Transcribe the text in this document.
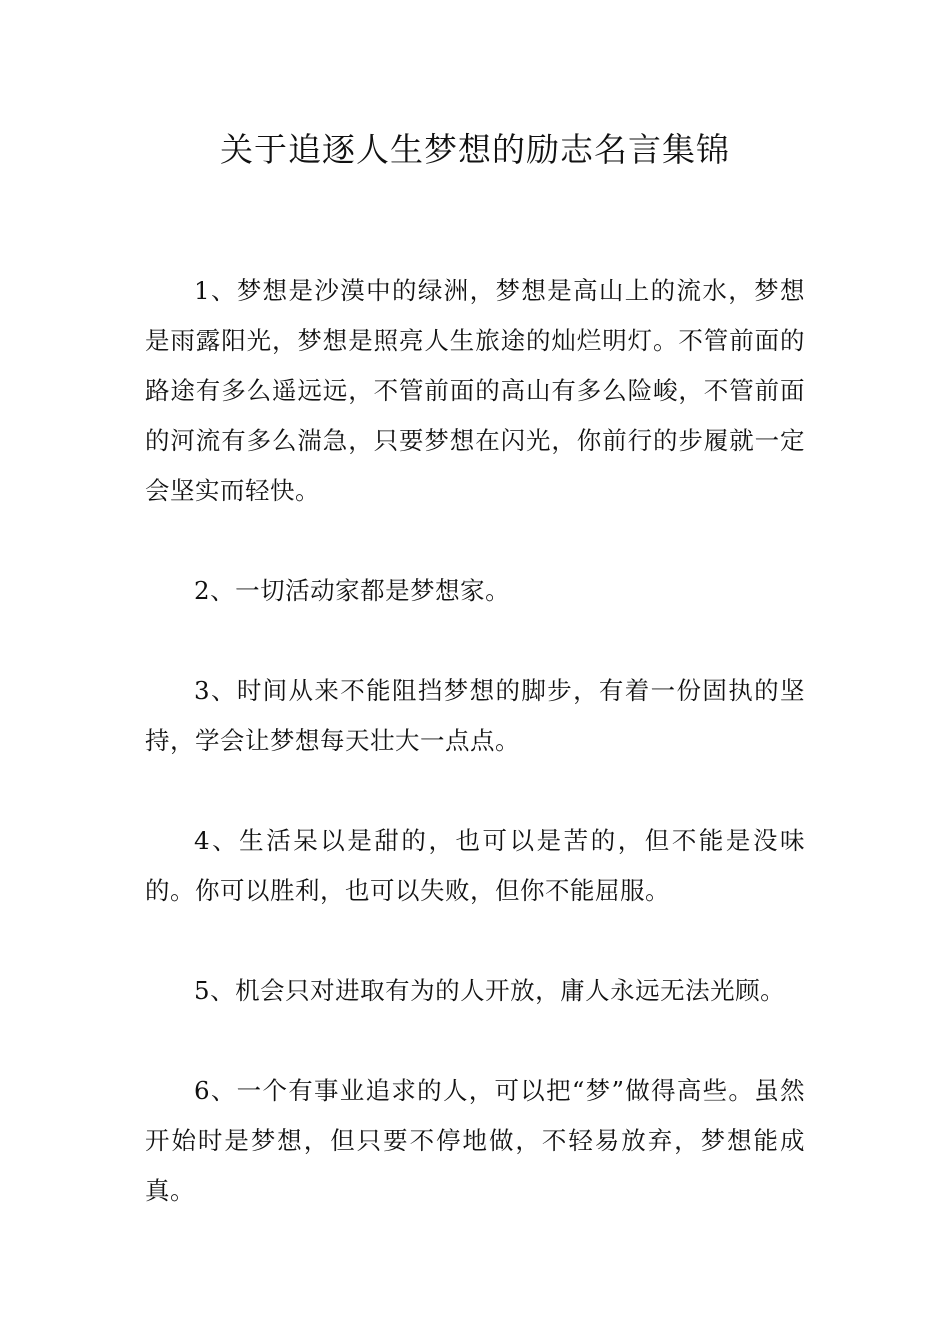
关于追逐人生梦想的励志名言集锦

1、梦想是沙漠中的绿洲，梦想是高山上的流水，梦想是雨露阳光，梦想是照亮人生旅途的灿烂明灯。不管前面的路途有多么遥远远，不管前面的高山有多么险峻，不管前面的河流有多么湍急，只要梦想在闪光，你前行的步履就一定会坚实而轻快。

2、一切活动家都是梦想家。

3、时间从来不能阻挡梦想的脚步，有着一份固执的坚持，学会让梦想每天壮大一点点。

4、生活呆以是甜的，也可以是苦的，但不能是没味的。你可以胜利，也可以失败，但你不能屈服。

5、机会只对进取有为的人开放，庸人永远无法光顾。

6、一个有事业追求的人，可以把“梦”做得高些。虽然开始时是梦想，但只要不停地做，不轻易放弃，梦想能成真。
